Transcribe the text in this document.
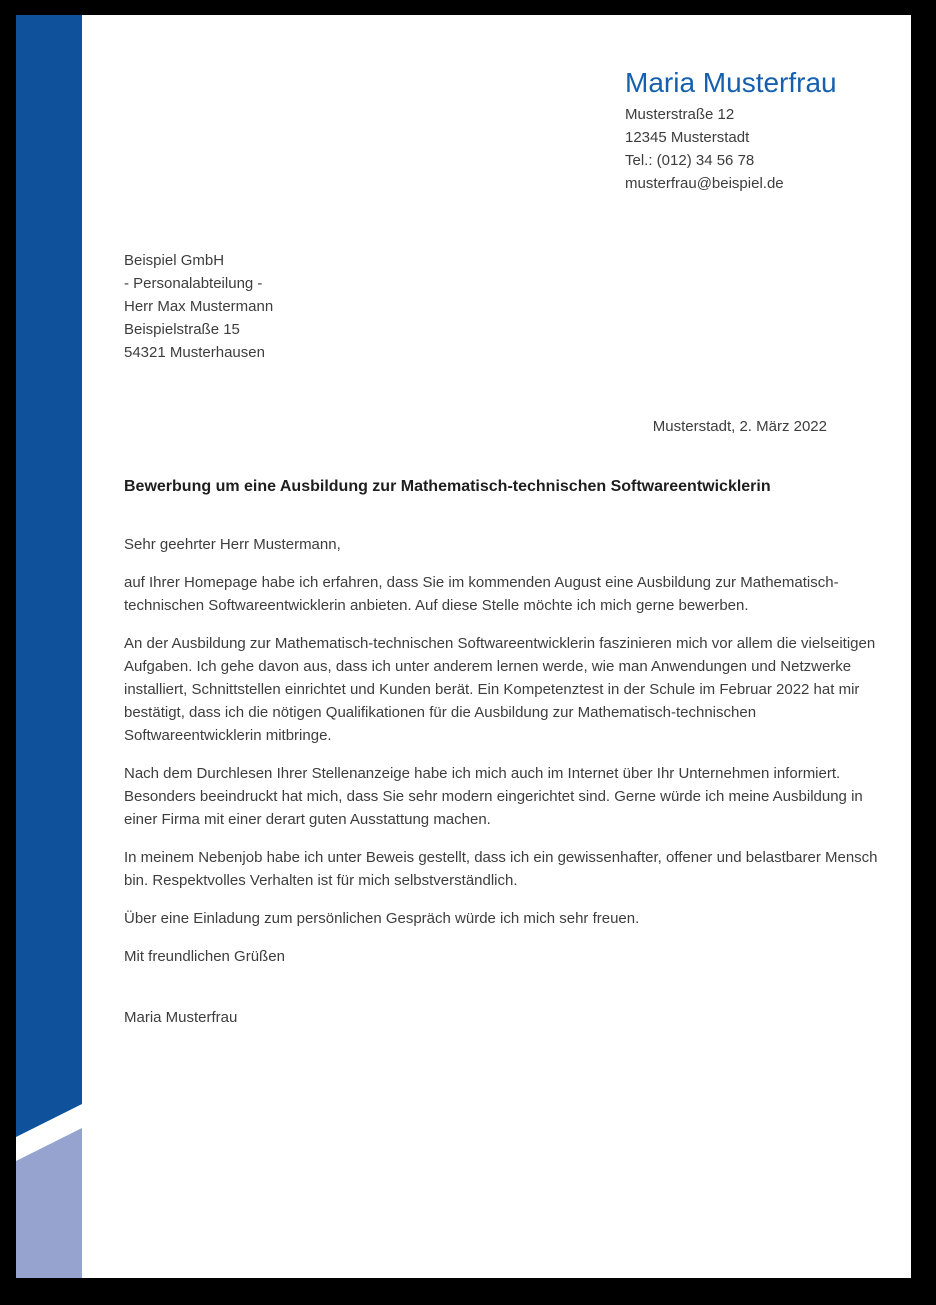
Maria Musterfrau
Musterstraße 12
12345 Musterstadt
Tel.: (012) 34 56 78
musterfrau@beispiel.de
Beispiel GmbH
- Personalabteilung -
Herr Max Mustermann
Beispielstraße 15
54321 Musterhausen
Musterstadt, 2. März 2022
Bewerbung um eine Ausbildung zur Mathematisch-technischen Softwareentwicklerin

Sehr geehrter Herr Mustermann,

auf Ihrer Homepage habe ich erfahren, dass Sie im kommenden August eine Ausbildung zur Mathematisch-technischen Softwareentwicklerin anbieten. Auf diese Stelle möchte ich mich gerne bewerben.

An der Ausbildung zur Mathematisch-technischen Softwareentwicklerin faszinieren mich vor allem die vielseitigen Aufgaben. Ich gehe davon aus, dass ich unter anderem lernen werde, wie man Anwendungen und Netzwerke installiert, Schnittstellen einrichtet und Kunden berät. Ein Kompetenztest in der Schule im Februar 2022 hat mir bestätigt, dass ich die nötigen Qualifikationen für die Ausbildung zur Mathematisch-technischen Softwareentwicklerin mitbringe.

Nach dem Durchlesen Ihrer Stellenanzeige habe ich mich auch im Internet über Ihr Unternehmen informiert. Besonders beeindruckt hat mich, dass Sie sehr modern eingerichtet sind. Gerne würde ich meine Ausbildung in einer Firma mit einer derart guten Ausstattung machen.

In meinem Nebenjob habe ich unter Beweis gestellt, dass ich ein gewissenhafter, offener und belastbarer Mensch bin. Respektvolles Verhalten ist für mich selbstverständlich.

Über eine Einladung zum persönlichen Gespräch würde ich mich sehr freuen.

Mit freundlichen Grüßen

Maria Musterfrau
